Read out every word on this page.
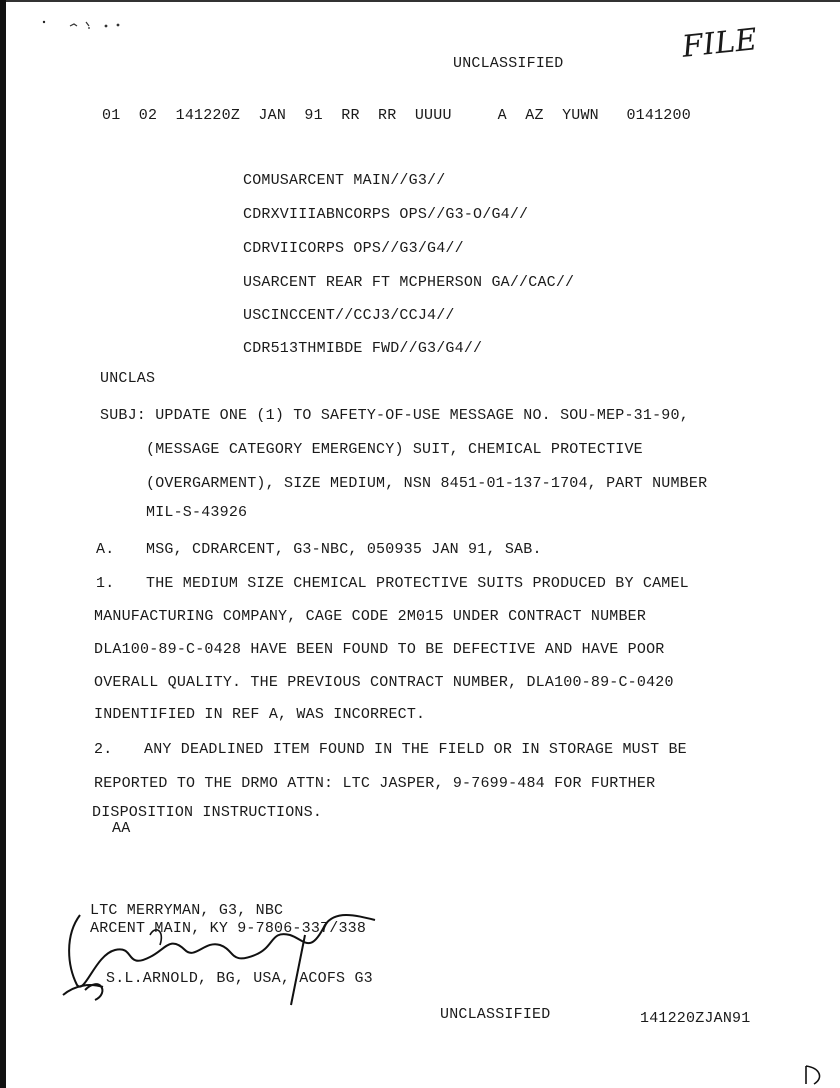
FILE
UNCLASSIFIED
01  02  141220Z  JAN  91  RR  RR  UUUU     A  AZ  YUWN   0141200
COMUSARCENT MAIN//G3//
CDRXVIIIABNCORPS OPS//G3-O/G4//
CDRVIICORPS OPS//G3/G4//
USARCENT REAR FT MCPHERSON GA//CAC//
USCINCCENT//CCJ3/CCJ4//
CDR513THMIBDE FWD//G3/G4//
UNCLAS
SUBJ: UPDATE ONE (1) TO SAFETY-OF-USE MESSAGE NO. SOU-MEP-31-90,
(MESSAGE CATEGORY EMERGENCY) SUIT, CHEMICAL PROTECTIVE
(OVERGARMENT), SIZE MEDIUM, NSN 8451-01-137-1704, PART NUMBER
MIL-S-43926
A. MSG, CDRARCENT, G3-NBC, 050935 JAN 91, SAB.
1. THE MEDIUM SIZE CHEMICAL PROTECTIVE SUITS PRODUCED BY CAMEL
MANUFACTURING COMPANY, CAGE CODE 2M015 UNDER CONTRACT NUMBER
DLA100-89-C-0428 HAVE BEEN FOUND TO BE DEFECTIVE AND HAVE POOR
OVERALL QUALITY. THE PREVIOUS CONTRACT NUMBER, DLA100-89-C-0420
INDENTIFIED IN REF A, WAS INCORRECT.
2. ANY DEADLINED ITEM FOUND IN THE FIELD OR IN STORAGE MUST BE
REPORTED TO THE DRMO ATTN: LTC JASPER, 9-7699-484 FOR FURTHER
DISPOSITION INSTRUCTIONS.
AA
LTC MERRYMAN, G3, NBC
ARCENT MAIN, KY 9-7806-337/338
S.L.ARNOLD, BG, USA, ACOFS G3
UNCLASSIFIED	141220ZJAN91
